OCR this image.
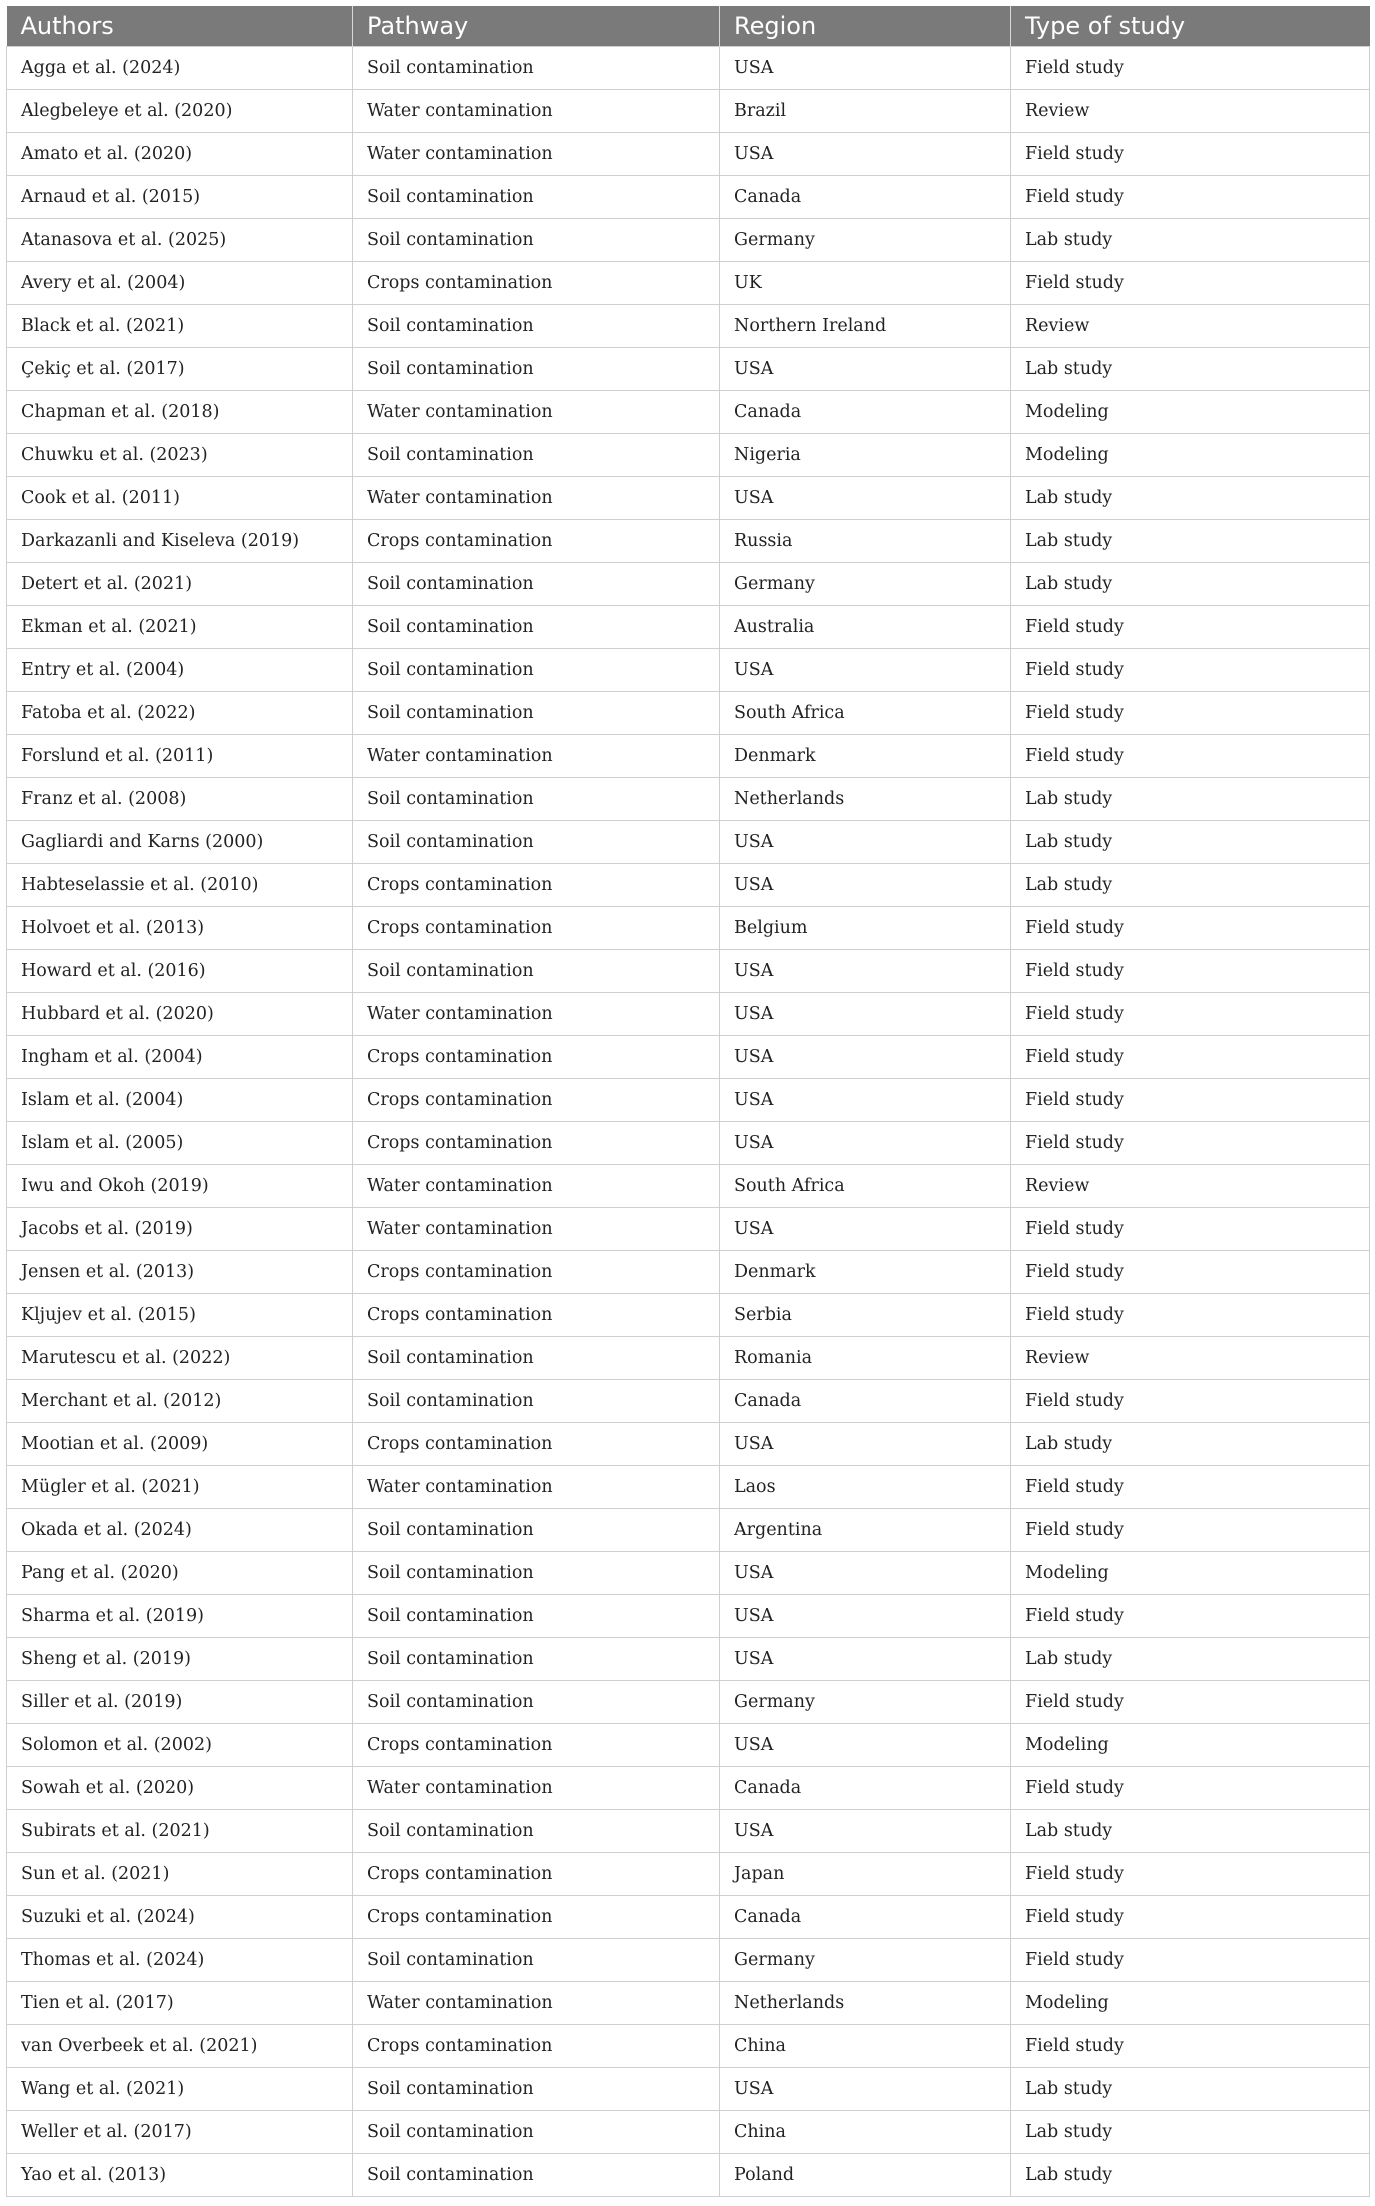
Authors	Pathway	Region	Type of study
Agga et al. (2024)	Soil contamination	USA	Field study
Alegbeleye et al. (2020)	Water contamination	Brazil	Review
Amato et al. (2020)	Water contamination	USA	Field study
Arnaud et al. (2015)	Soil contamination	Canada	Field study
Atanasova et al. (2025)	Soil contamination	Germany	Lab study
Avery et al. (2004)	Crops contamination	UK	Field study
Black et al. (2021)	Soil contamination	Northern Ireland	Review
Çekiç et al. (2017)	Soil contamination	USA	Lab study
Chapman et al. (2018)	Water contamination	Canada	Modeling
Chuwku et al. (2023)	Soil contamination	Nigeria	Modeling
Cook et al. (2011)	Water contamination	USA	Lab study
Darkazanli and Kiseleva (2019)	Crops contamination	Russia	Lab study
Detert et al. (2021)	Soil contamination	Germany	Lab study
Ekman et al. (2021)	Soil contamination	Australia	Field study
Entry et al. (2004)	Soil contamination	USA	Field study
Fatoba et al. (2022)	Soil contamination	South Africa	Field study
Forslund et al. (2011)	Water contamination	Denmark	Field study
Franz et al. (2008)	Soil contamination	Netherlands	Lab study
Gagliardi and Karns (2000)	Soil contamination	USA	Lab study
Habteselassie et al. (2010)	Crops contamination	USA	Lab study
Holvoet et al. (2013)	Crops contamination	Belgium	Field study
Howard et al. (2016)	Soil contamination	USA	Field study
Hubbard et al. (2020)	Water contamination	USA	Field study
Ingham et al. (2004)	Crops contamination	USA	Field study
Islam et al. (2004)	Crops contamination	USA	Field study
Islam et al. (2005)	Crops contamination	USA	Field study
Iwu and Okoh (2019)	Water contamination	South Africa	Review
Jacobs et al. (2019)	Water contamination	USA	Field study
Jensen et al. (2013)	Crops contamination	Denmark	Field study
Kljujev et al. (2015)	Crops contamination	Serbia	Field study
Marutescu et al. (2022)	Soil contamination	Romania	Review
Merchant et al. (2012)	Soil contamination	Canada	Field study
Mootian et al. (2009)	Crops contamination	USA	Lab study
Mügler et al. (2021)	Water contamination	Laos	Field study
Okada et al. (2024)	Soil contamination	Argentina	Field study
Pang et al. (2020)	Soil contamination	USA	Modeling
Sharma et al. (2019)	Soil contamination	USA	Field study
Sheng et al. (2019)	Soil contamination	USA	Lab study
Siller et al. (2019)	Soil contamination	Germany	Field study
Solomon et al. (2002)	Crops contamination	USA	Modeling
Sowah et al. (2020)	Water contamination	Canada	Field study
Subirats et al. (2021)	Soil contamination	USA	Lab study
Sun et al. (2021)	Crops contamination	Japan	Field study
Suzuki et al. (2024)	Crops contamination	Canada	Field study
Thomas et al. (2024)	Soil contamination	Germany	Field study
Tien et al. (2017)	Water contamination	Netherlands	Modeling
van Overbeek et al. (2021)	Crops contamination	China	Field study
Wang et al. (2021)	Soil contamination	USA	Lab study
Weller et al. (2017)	Soil contamination	China	Lab study
Yao et al. (2013)	Soil contamination	Poland	Lab study
